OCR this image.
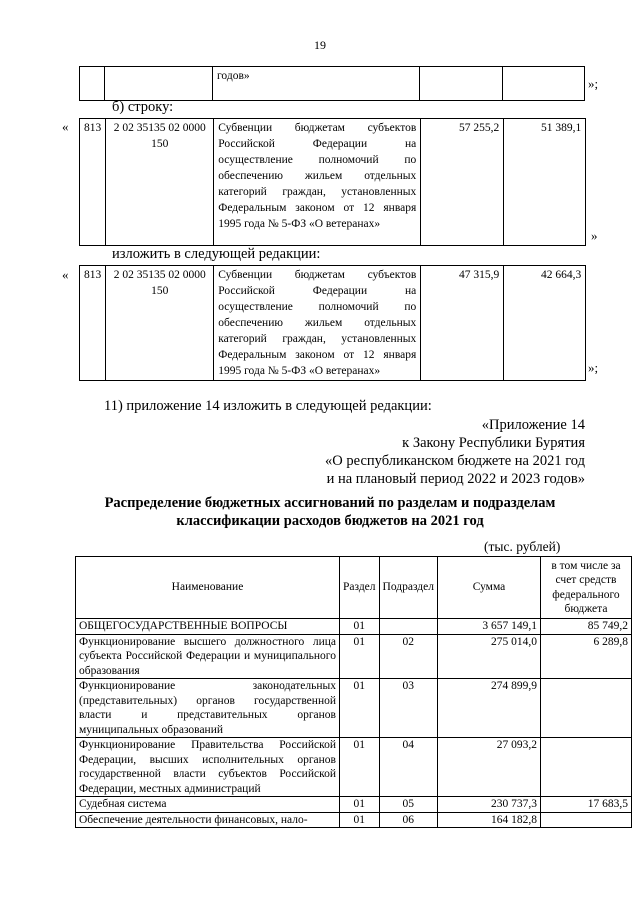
19
		годов»			»;
б) строку:
« 813	2 02 35135 02 0000 150	Субвенции бюджетам субъектов Российской Федерации на осуществление полномочий по обеспечению жильем отдельных категорий граждан, установленных Федеральным законом от 12 января 1995 года № 5-ФЗ «О ветеранах»	57 255,2	51 389,1
»
изложить в следующей редакции:
« 813	2 02 35135 02 0000 150	Субвенции бюджетам субъектов Российской Федерации на осуществление полномочий по обеспечению жильем отдельных категорий граждан, установленных Федеральным законом от 12 января 1995 года № 5-ФЗ «О ветеранах»	47 315,9	42 664,3
»;
11) приложение 14 изложить в следующей редакции:
«Приложение 14
к Закону Республики Бурятия
«О республиканском бюджете на 2021 год
и на плановый период 2022 и 2023 годов»
Распределение бюджетных ассигнований по разделам и подразделам
классификации расходов бюджетов на 2021 год
(тыс. рублей)
Наименование	Раздел	Подраздел	Сумма	в том числе за счет средств федерального бюджета
ОБЩЕГОСУДАРСТВЕННЫЕ ВОПРОСЫ	01		3 657 149,1	85 749,2
Функционирование высшего должностного лица субъекта Российской Федерации и муниципального образования	01	02	275 014,0	6 289,8
Функционирование законодательных (представительных) органов государственной власти и представительных органов муниципальных образований	01	03	274 899,9	
Функционирование Правительства Российской Федерации, высших исполнительных органов государственной власти субъектов Российской Федерации, местных администраций	01	04	27 093,2	
Судебная система	01	05	230 737,3	17 683,5
Обеспечение деятельности финансовых, нало-	01	06	164 182,8	
